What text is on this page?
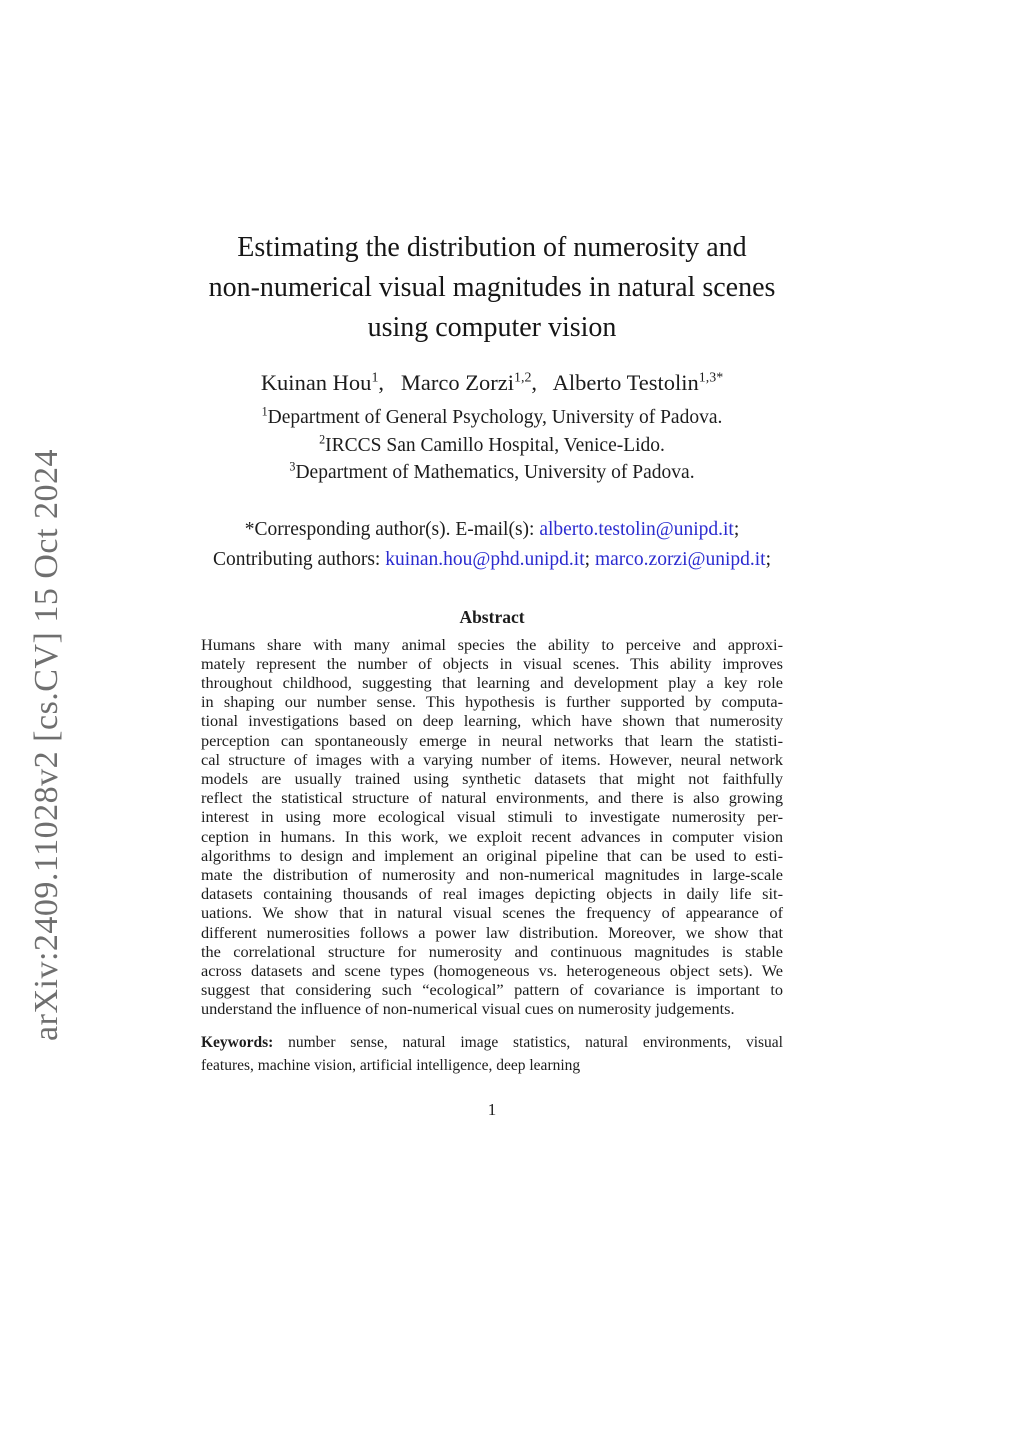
arXiv:2409.11028v2 [cs.CV] 15 Oct 2024
Estimating the distribution of numerosity and
non-numerical visual magnitudes in natural scenes
using computer vision
Kuinan Hou$^1$,  Marco Zorzi$^{1,2}$,  Alberto Testolin$^{1,3*}$
$^1$Department of General Psychology, University of Padova.
$^2$IRCCS San Camillo Hospital, Venice-Lido.
$^3$Department of Mathematics, University of Padova.
*Corresponding author(s). E-mail(s): alberto.testolin@unipd.it;
Contributing authors: kuinan.hou@phd.unipd.it; marco.zorzi@unipd.it;
Abstract
Humans share with many animal species the ability to perceive and approxi-
mately represent the number of objects in visual scenes. This ability improves
throughout childhood, suggesting that learning and development play a key role
in shaping our number sense. This hypothesis is further supported by computa-
tional investigations based on deep learning, which have shown that numerosity
perception can spontaneously emerge in neural networks that learn the statisti-
cal structure of images with a varying number of items. However, neural network
models are usually trained using synthetic datasets that might not faithfully
reflect the statistical structure of natural environments, and there is also growing
interest in using more ecological visual stimuli to investigate numerosity per-
ception in humans. In this work, we exploit recent advances in computer vision
algorithms to design and implement an original pipeline that can be used to esti-
mate the distribution of numerosity and non-numerical magnitudes in large-scale
datasets containing thousands of real images depicting objects in daily life sit-
uations. We show that in natural visual scenes the frequency of appearance of
different numerosities follows a power law distribution. Moreover, we show that
the correlational structure for numerosity and continuous magnitudes is stable
across datasets and scene types (homogeneous vs. heterogeneous object sets). We
suggest that considering such “ecological” pattern of covariance is important to
understand the influence of non-numerical visual cues on numerosity judgements.
Keywords: number sense, natural image statistics, natural environments, visual
features, machine vision, artificial intelligence, deep learning
1
